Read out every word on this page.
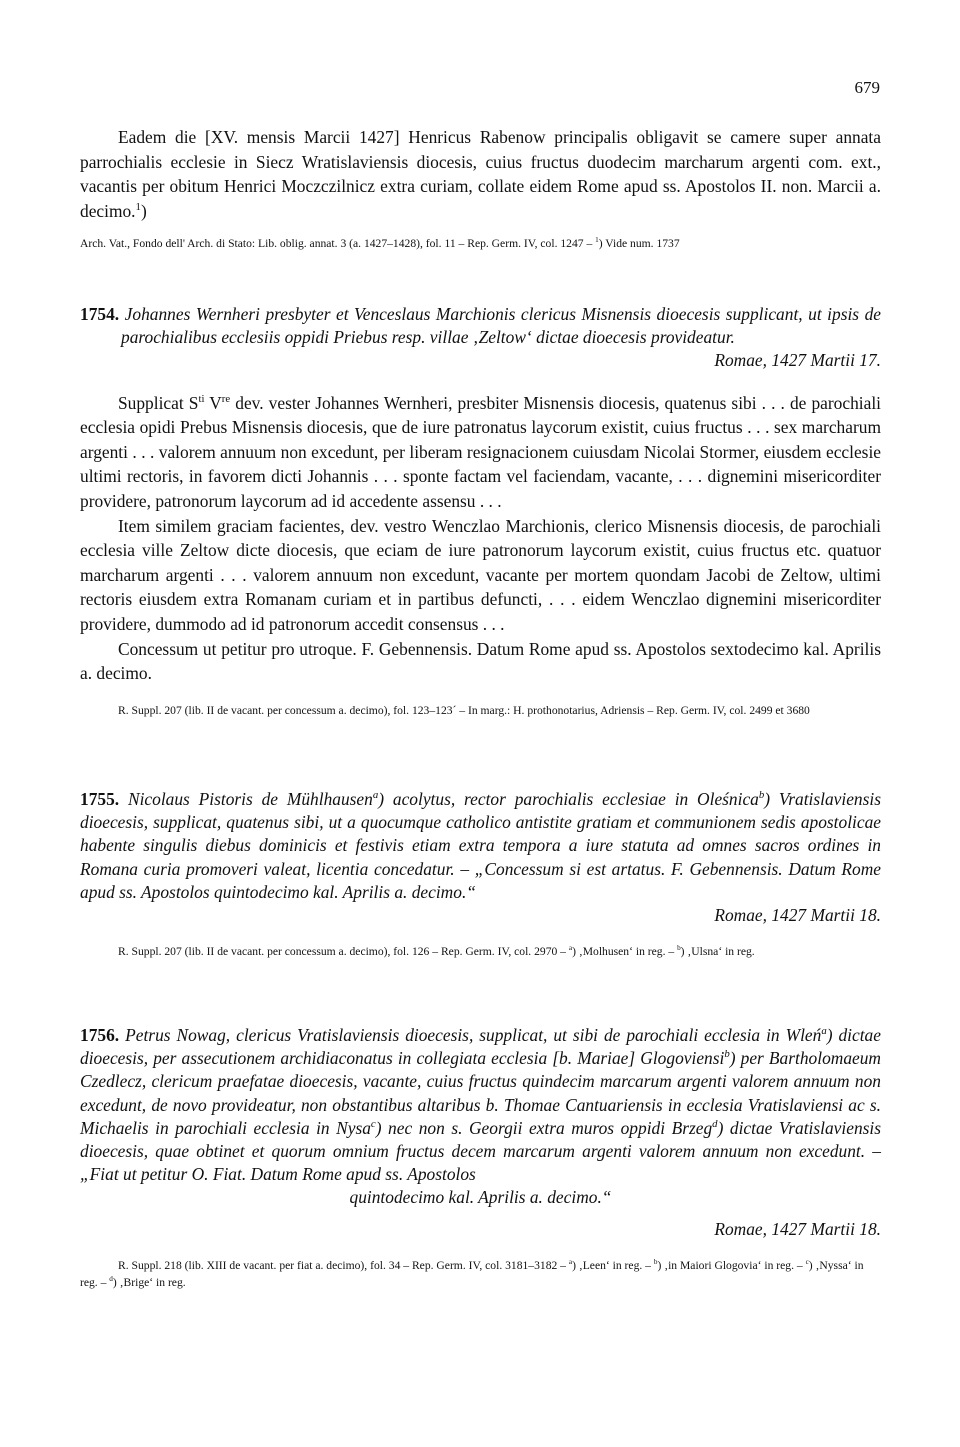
679

Eadem die [XV. mensis Marcii 1427] Henricus Rabenow principalis obligavit se camere super annata parrochialis ecclesie in Siecz Wratislaviensis diocesis, cuius fructus duodecim marcharum argenti com. ext., vacantis per obitum Henrici Moczczilnicz extra curiam, collate eidem Rome apud ss. Apostolos II. non. Marcii a. decimo.$^1$)

Arch. Vat., Fondo dell' Arch. di Stato: Lib. oblig. annat. 3 (a. 1427–1428), fol. 11 – Rep. Germ. IV, col. 1247 – $^1$) Vide num. 1737

1754. Johannes Wernheri presbyter et Venceslaus Marchionis clericus Misnensis dioecesis supplicant, ut ipsis de parochialibus ecclesiis oppidi Priebus resp. villae ‚Zeltow‘ dictae dioecesis provideatur.

Romae, 1427 Martii 17.

Supplicat $S^{ti}$ Vre dev. vester Johannes Wernheri, presbiter Misnensis diocesis, quatenus sibi . . . de parochiali ecclesia opidi Prebus Misnensis diocesis, que de iure patronatus laycorum existit, cuius fructus . . . sex marcharum argenti . . . valorem annuum non excedunt, per liberam resignacionem cuiusdam Nicolai Stormer, eiusdem ecclesie ultimi rectoris, in favorem dicti Johannis . . . sponte factam vel faciendam, vacante, . . . dignemini misericorditer providere, patronorum laycorum ad id accedente assensu . . .

Item similem graciam facientes, dev. vestro Wenczlao Marchionis, clerico Misnensis diocesis, de parochiali ecclesia ville Zeltow dicte diocesis, que eciam de iure patronorum laycorum existit, cuius fructus etc. quatuor marcharum argenti . . . valorem annuum non excedunt, vacante per mortem quondam Jacobi de Zeltow, ultimi rectoris eiusdem extra Romanam curiam et in partibus defuncti, . . . eidem Wenczlao dignemini misericorditer providere, dummodo ad id patronorum accedit consensus . . .

Concessum ut petitur pro utroque. F. Gebennensis. Datum Rome apud ss. Apostolos sextodecimo kal. Aprilis a. decimo.

R. Suppl. 207 (lib. II de vacant. per concessum a. decimo), fol. 123–123´ – In marg.: H. prothonotarius, Adriensis – Rep. Germ. IV, col. 2499 et 3680

1755. Nicolaus Pistoris de Mühlhausen$^a$) acolytus, rector parochialis ecclesiae in Oleśnica$^b$) Vratislaviensis dioecesis, supplicat, quatenus sibi, ut a quocumque catholico antistite gratiam et communionem sedis apostolicae habente singulis diebus dominicis et festivis etiam extra tempora a iure statuta ad omnes sacros ordines in Romana curia promoveri valeat, licentia concedatur. – „Concessum si est artatus. F. Gebennensis. Datum Rome apud ss. Apostolos quintodecimo kal. Aprilis a. decimo.“

Romae, 1427 Martii 18.

R. Suppl. 207 (lib. II de vacant. per concessum a. decimo), fol. 126 – Rep. Germ. IV, col. 2970 – $^a$) ‚Molhusen‘ in reg. – $^b$) ‚Ulsna‘ in reg.

1756. Petrus Nowag, clericus Vratislaviensis dioecesis, supplicat, ut sibi de parochiali ecclesia in Wleń$^a$) dictae dioecesis, per assecutionem archidiaconatus in collegiata ecclesia [b. Mariae] Glogoviensi$^b$) per Bartholomaeum Czedlecz, clericum praefatae dioecesis, vacante, cuius fructus quindecim marcarum argenti valorem annuum non excedunt, de novo provideatur, non obstantibus altaribus b. Thomae Cantuariensis in ecclesia Vratislaviensi ac s. Michaelis in parochiali ecclesia in Nysa$^c$) nec non s. Georgii extra muros oppidi Brzeg$^d$) dictae Vratislaviensis dioecesis, quae obtinet et quorum omnium fructus decem marcarum argenti valorem annuum non excedunt. – „Fiat ut petitur O. Fiat. Datum Rome apud ss. Apostolos

quintodecimo kal. Aprilis a. decimo.“

Romae, 1427 Martii 18.

R. Suppl. 218 (lib. XIII de vacant. per fiat a. decimo), fol. 34 – Rep. Germ. IV, col. 3181–3182 – $^a$) ‚Leen‘ in reg. – $^b$) ‚in Maiori Glogovia‘ in reg. – $^c$) ‚Nyssa‘ in reg. – $^d$) ‚Brige‘ in reg.
